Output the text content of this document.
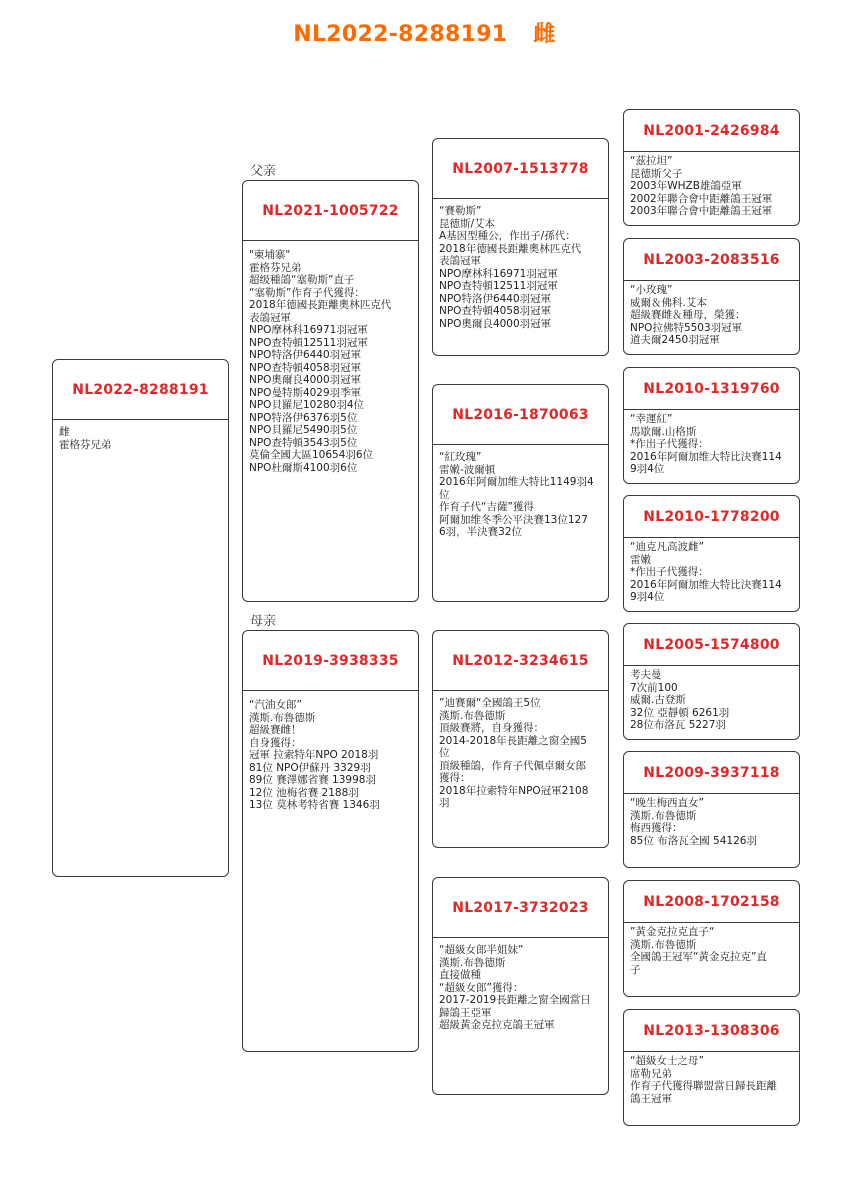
NL2022-8288191 雌
父亲
母亲
NL2022-8288191
雌
霍格芬兄弟
NL2021-1005722
"柬埔寨"
霍格芬兄弟
超级種鴿“塞勒斯”直子
“塞勒斯”作育子代獲得：
2018年德國長距離奧林匹克代
表鴿冠軍
NPO摩林科16971羽冠軍
NPO查特頓12511羽冠軍
NPO特洛伊6440羽冠軍
NPO查特頓4058羽冠軍
NPO奧爾良4000羽冠軍
NPO曼特斯4029羽季軍
NPO貝羅尼10280羽4位
NPO特洛伊6376羽5位
NPO貝羅尼5490羽5位
NPO查特頓3543羽5位
莫倫全國大區10654羽6位
NPO杜爾斯4100羽6位
NL2019-3938335
“汽油女郎”
漢斯.布魯德斯
超級賽雌！
自身獲得：
冠軍 拉索特年NPO 2018羽
81位 NPO伊蘇丹 3329羽
89位 賽澤娜省賽 13998羽
12位 池梅省賽 2188羽
13位 莫林考特省賽 1346羽
NL2007-1513778
“賽勒斯”
昆德斯/艾本
A基因型種公，作出子/孫代：
2018年德國長距離奧林匹克代
表鴿冠軍
NPO摩林科16971羽冠軍
NPO查特頓12511羽冠軍
NPO特洛伊6440羽冠軍
NPO查特頓4058羽冠軍
NPO奧爾良4000羽冠軍
NL2016-1870063
“紅玫瑰”
雷嫩-波爾頓
2016年阿爾加维大特比1149羽4
位
作育子代“吉薩”獲得
阿爾加维冬季公平決賽13位127
6羽，半決賽32位
NL2012-3234615
”迪賽爾“全國鴿王5位
漢斯.布魯德斯
頂級賽將，自身獲得：
2014-2018年長距離之窗全國5
位
頂級種鴿，作育子代佩卓爾女郎
獲得：
2018年拉索特年NPO冠軍2108
羽
NL2017-3732023
“超級女郎半姐妹”
漢斯.布魯德斯
直接做種
“超級女郎”獲得：
2017-2019長距離之窗全國當日
歸鴿王亞軍
超級黃金克拉克鴿王冠軍
NL2001-2426984
“茲拉坦”
昆德斯父子
2003年WHZB雄鴿亞軍
2002年聯合會中距離鴿王冠軍
2003年聯合會中距離鴿王冠軍
NL2003-2083516
“小玫瑰”
威爾＆佛科.艾本
超級賽雌＆種母，榮獲：
NPO拉佛特5503羽冠軍
道夫爾2450羽冠軍
NL2010-1319760
“幸運紅”
馬歇爾.山格斯
*作出子代獲得：
2016年阿爾加维大特比決賽114
9羽4位
NL2010-1778200
“迪克凡高波雌”
雷嫩
*作出子代獲得：
2016年阿爾加维大特比決賽114
9羽4位
NL2005-1574800
考夫曼
7次前100
威爾.古登斯
32位 亞靜頓 6261羽
28位布洛瓦 5227羽
NL2009-3937118
“晚生梅西直女”
漢斯.布魯德斯
梅西獲得：
85位 布洛瓦全國 54126羽
NL2008-1702158
”黃金克拉克直子“
漢斯.布魯德斯
全國鴿王冠军“黃金克拉克”直
子
NL2013-1308306
“超級女士之母”
席勒兄弟
作育子代獲得聯盟當日歸長距離
鴿王冠軍
